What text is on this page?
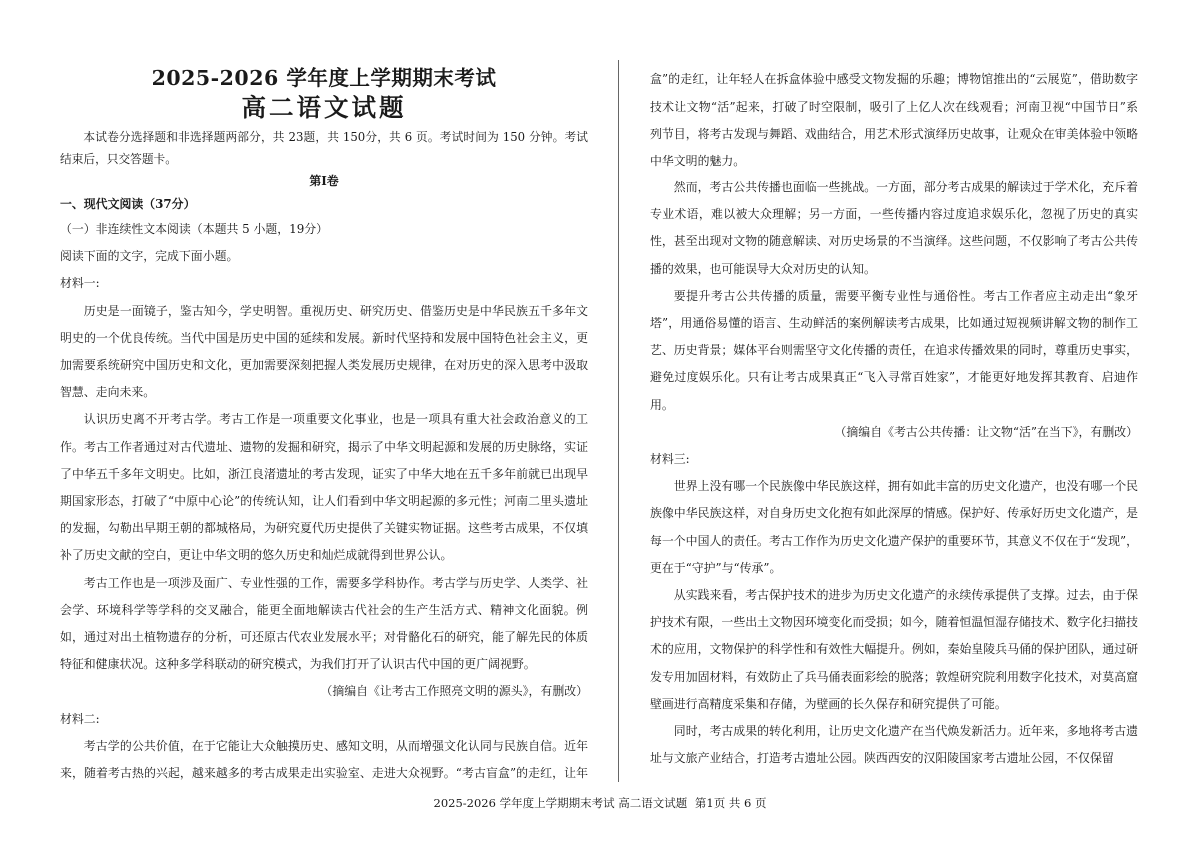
2025-2026 学年度上学期期末考试
高二语文试题

本试卷分选择题和非选择题两部分，共 23题，共 150分，共 6 页。考试时间为 150 分钟。考试结束后，只交答题卡。

第Ⅰ卷

一、现代文阅读（37分）

（一）非连续性文本阅读（本题共 5 小题，19分）

阅读下面的文字，完成下面小题。

材料一:

历史是一面镜子，鉴古知今，学史明智。重视历史、研究历史、借鉴历史是中华民族五千多年文明史的一个优良传统。当代中国是历史中国的延续和发展。新时代坚持和发展中国特色社会主义，更加需要系统研究中国历史和文化，更加需要深刻把握人类发展历史规律，在对历史的深入思考中汲取智慧、走向未来。

认识历史离不开考古学。考古工作是一项重要文化事业，也是一项具有重大社会政治意义的工作。考古工作者通过对古代遗址、遗物的发掘和研究，揭示了中华文明起源和发展的历史脉络，实证了中华五千多年文明史。比如，浙江良渚遗址的考古发现，证实了中华大地在五千多年前就已出现早期国家形态，打破了“中原中心论”的传统认知，让人们看到中华文明起源的多元性；河南二里头遗址的发掘，勾勒出早期王朝的都城格局，为研究夏代历史提供了关键实物证据。这些考古成果，不仅填补了历史文献的空白，更让中华文明的悠久历史和灿烂成就得到世界公认。

考古工作也是一项涉及面广、专业性强的工作，需要多学科协作。考古学与历史学、人类学、社会学、环境科学等学科的交叉融合，能更全面地解读古代社会的生产生活方式、精神文化面貌。例如，通过对出土植物遗存的分析，可还原古代农业发展水平；对骨骼化石的研究，能了解先民的体质特征和健康状况。这种多学科联动的研究模式，为我们打开了认识古代中国的更广阔视野。

（摘编自《让考古工作照亮文明的源头》，有删改）

材料二:

考古学的公共价值，在于它能让大众触摸历史、感知文明，从而增强文化认同与民族自信。近年来，随着考古热的兴起，越来越多的考古成果走出实验室、走进大众视野。“考古盲盒”的走红，让年

盒”的走红，让年轻人在拆盒体验中感受文物发掘的乐趣；博物馆推出的“云展览”，借助数字技术让文物“活”起来，打破了时空限制，吸引了上亿人次在线观看；河南卫视“中国节日”系列节目，将考古发现与舞蹈、戏曲结合，用艺术形式演绎历史故事，让观众在审美体验中领略中华文明的魅力。

然而，考古公共传播也面临一些挑战。一方面，部分考古成果的解读过于学术化，充斥着专业术语，难以被大众理解；另一方面，一些传播内容过度追求娱乐化，忽视了历史的真实性，甚至出现对文物的随意解读、对历史场景的不当演绎。这些问题，不仅影响了考古公共传播的效果，也可能误导大众对历史的认知。

要提升考古公共传播的质量，需要平衡专业性与通俗性。考古工作者应主动走出“象牙塔”，用通俗易懂的语言、生动鲜活的案例解读考古成果，比如通过短视频讲解文物的制作工艺、历史背景；媒体平台则需坚守文化传播的责任，在追求传播效果的同时，尊重历史事实，避免过度娱乐化。只有让考古成果真正“飞入寻常百姓家”，才能更好地发挥其教育、启迪作用。

（摘编自《考古公共传播：让文物“活”在当下》，有删改）

材料三:

世界上没有哪一个民族像中华民族这样，拥有如此丰富的历史文化遗产，也没有哪一个民族像中华民族这样，对自身历史文化抱有如此深厚的情感。保护好、传承好历史文化遗产，是每一个中国人的责任。考古工作作为历史文化遗产保护的重要环节，其意义不仅在于“发现”，更在于“守护”与“传承”。

从实践来看，考古保护技术的进步为历史文化遗产的永续传承提供了支撑。过去，由于保护技术有限，一些出土文物因环境变化而受损；如今，随着恒温恒湿存储技术、数字化扫描技术的应用，文物保护的科学性和有效性大幅提升。例如，秦始皇陵兵马俑的保护团队，通过研发专用加固材料，有效防止了兵马俑表面彩绘的脱落；敦煌研究院利用数字化技术，对莫高窟壁画进行高精度采集和存储，为壁画的长久保存和研究提供了可能。

同时，考古成果的转化利用，让历史文化遗产在当代焕发新活力。近年来，多地将考古遗址与文旅产业结合，打造考古遗址公园。陕西西安的汉阳陵国家考古遗址公园，不仅保留

2025-2026 学年度上学期期末考试 高二语文试题 第1页 共 6 页
